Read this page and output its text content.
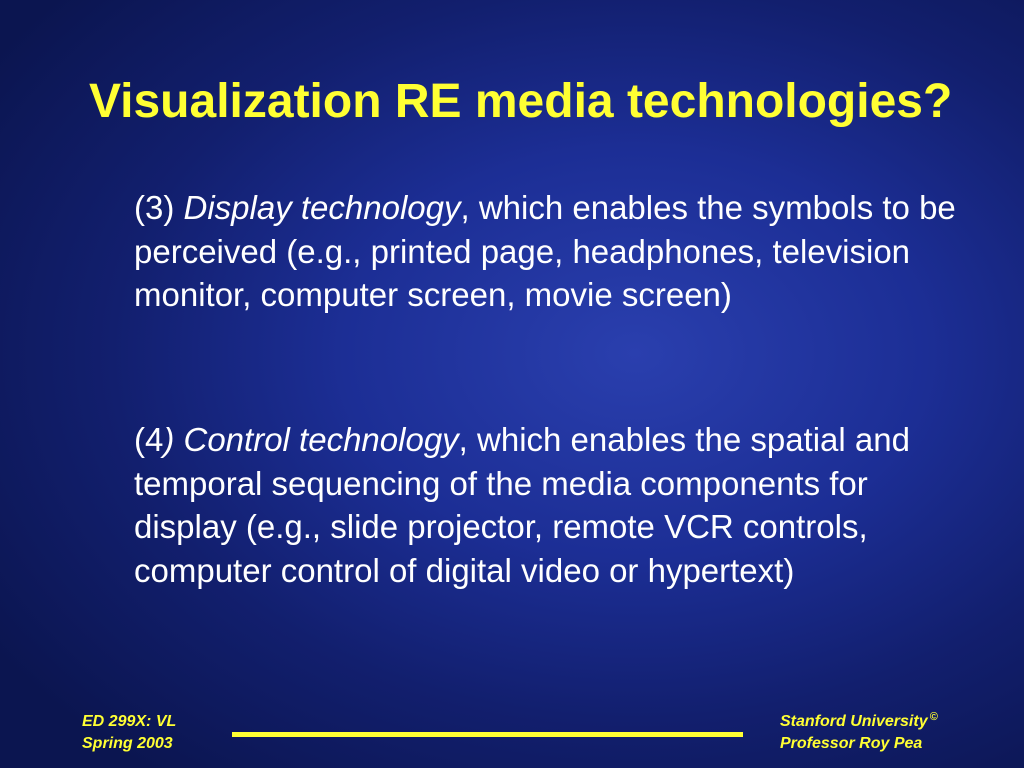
Visualization RE media technologies?

(3) Display technology, which enables the symbols to be perceived (e.g., printed page, headphones, television monitor, computer screen, movie screen)

(4) Control technology, which enables the spatial and temporal sequencing of the media components for display (e.g., slide projector, remote VCR controls, computer control of digital video or hypertext)

ED 299X: VL
Spring 2003
Stanford University ©
Professor Roy Pea
